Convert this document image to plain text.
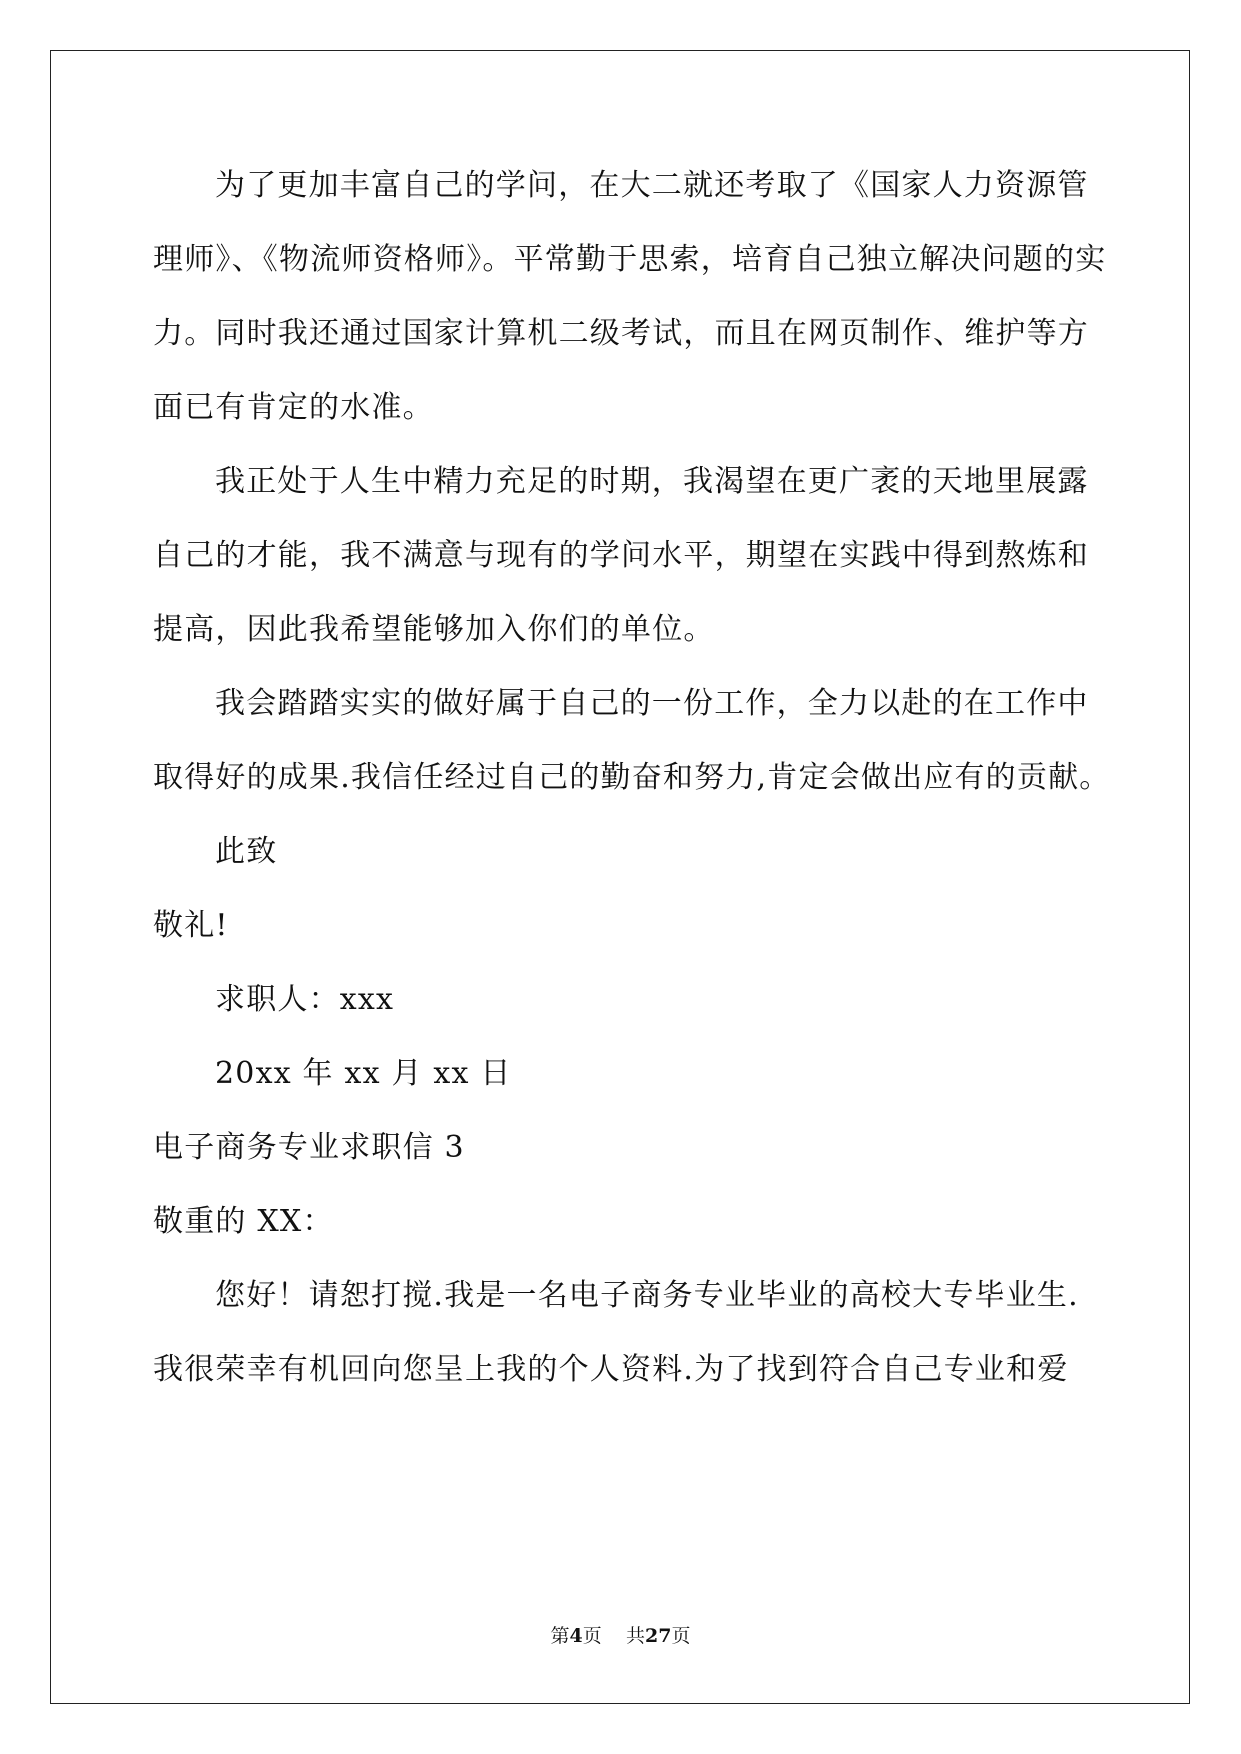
为了更加丰富自己的学问，在大二就还考取了《国家人力资源管
理师》、《物流师资格师》。平常勤于思索，培育自己独立解决问题的实
力。同时我还通过国家计算机二级考试，而且在网页制作、维护等方
面已有肯定的水准。
我正处于人生中精力充足的时期，我渴望在更广袤的天地里展露
自己的才能，我不满意与现有的学问水平，期望在实践中得到熬炼和
提高，因此我希望能够加入你们的单位。
我会踏踏实实的做好属于自己的一份工作，全力以赴的在工作中
取得好的成果.我信任经过自己的勤奋和努力,肯定会做出应有的贡献。
此致
敬礼!
求职人：xxx
20xx 年 xx 月 xx 日
电子商务专业求职信 3
敬重的 XX：
您好！请恕打搅.我是一名电子商务专业毕业的高校大专毕业生.
我很荣幸有机回向您呈上我的个人资料.为了找到符合自己专业和爱
第4页 共27页
